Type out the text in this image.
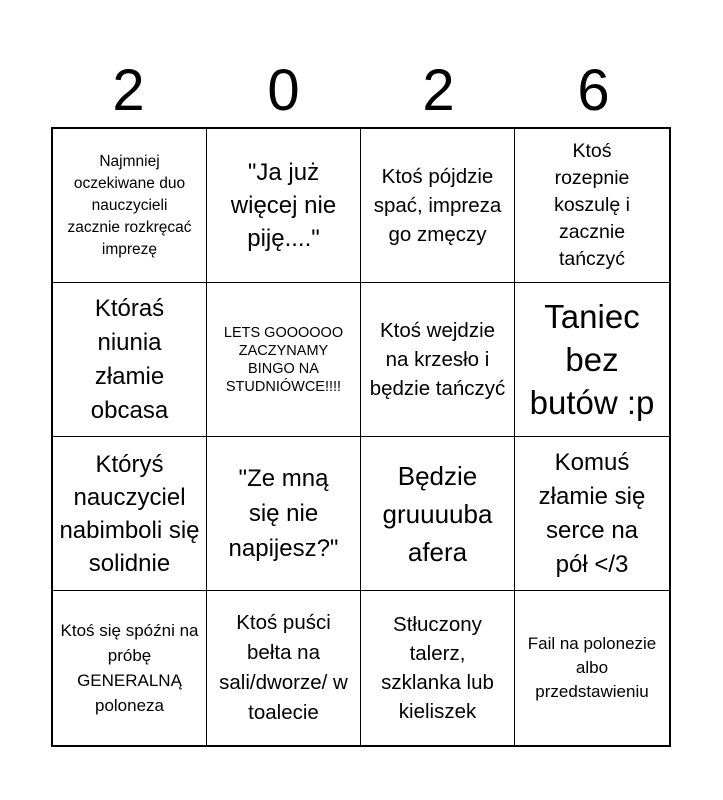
2	0	2	6
Najmniej oczekiwane duo nauczycieli zacznie rozkręcać imprezę
"Ja już więcej nie piję...."
Ktoś pójdzie spać, impreza go zmęczy
Ktoś rozepnie koszulę i zacznie tańczyć
Któraś niunia złamie obcasa
LETS GOOOOOO ZACZYNAMY BINGO NA STUDNIÓWCE!!!!
Ktoś wejdzie na krzesło i będzie tańczyć
Taniec bez butów :p
Któryś nauczyciel nabimboli się solidnie
"Ze mną się nie napijesz?"
Będzie gruuuuba afera
Komuś złamie się serce na pół </3
Ktoś się spóźni na próbę GENERALNĄ poloneza
Ktoś puści bełta na sali/dworze/ w toalecie
Stłuczony talerz, szklanka lub kieliszek
Fail na polonezie albo przedstawieniu
